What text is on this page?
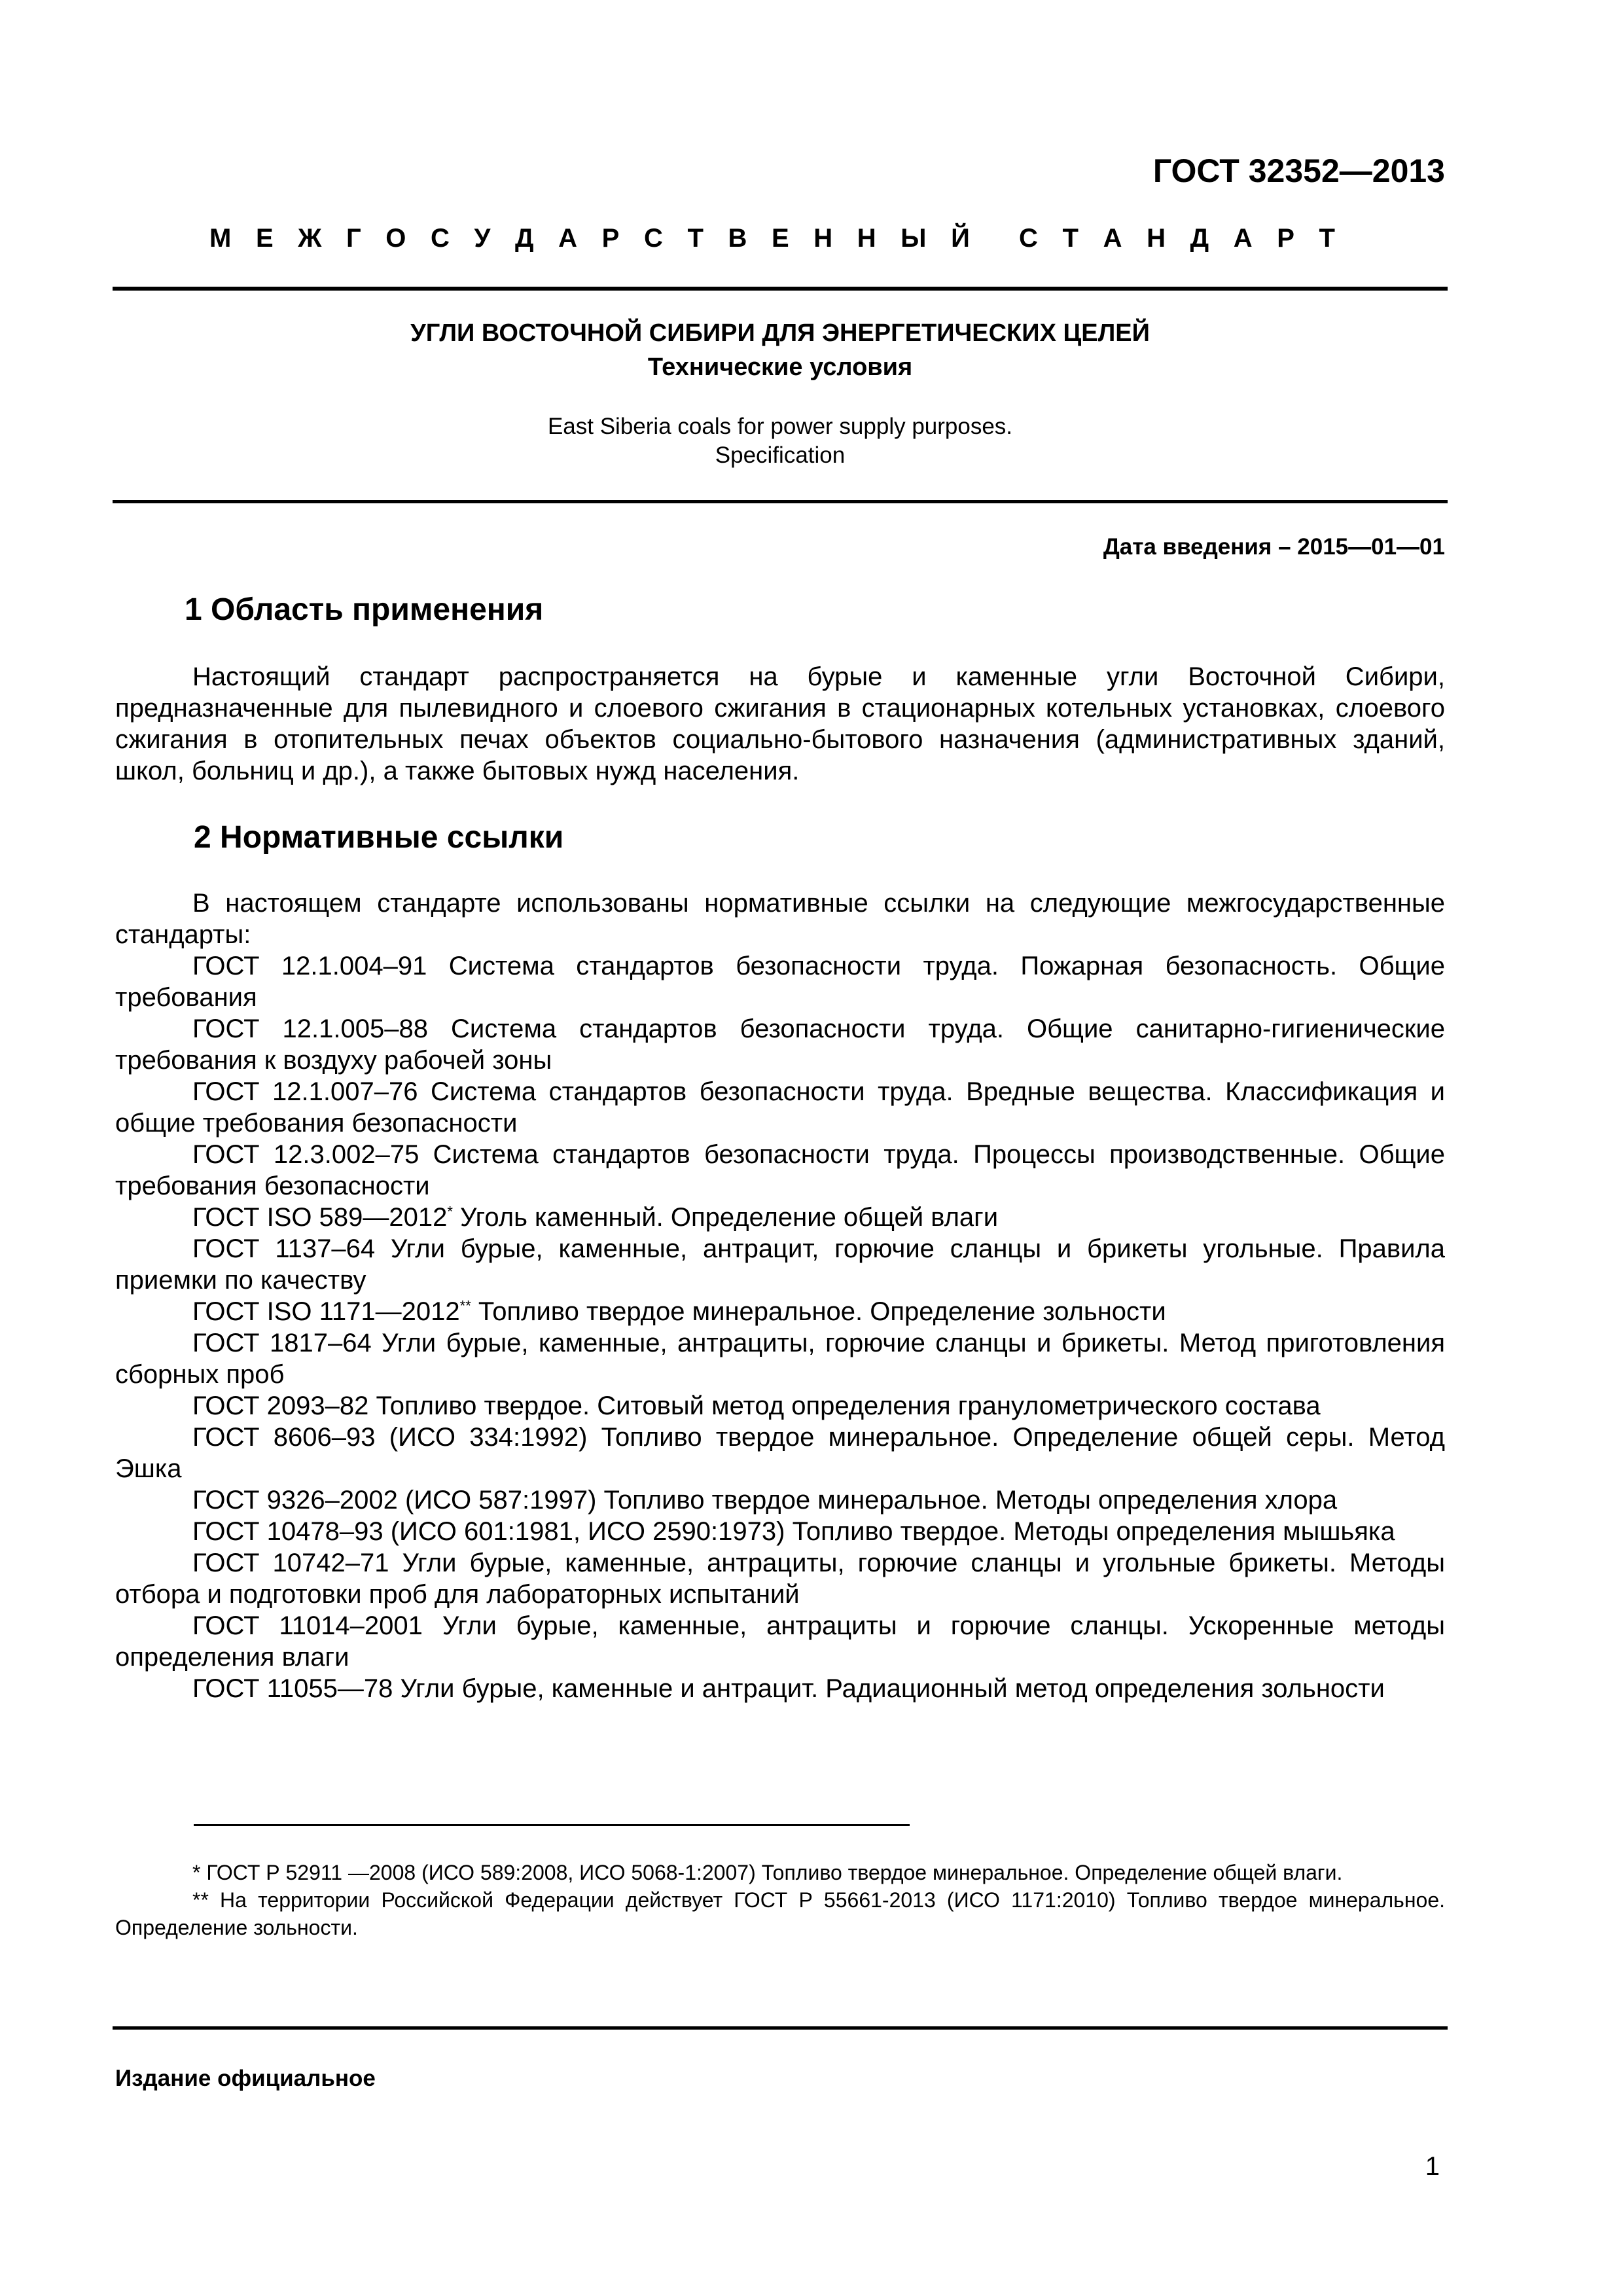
ГОСТ 32352—2013
М Е Ж Г О С У Д А Р С Т В Е Н Н Ы Й С Т А Н Д А Р Т
УГЛИ ВОСТОЧНОЙ СИБИРИ ДЛЯ ЭНЕРГЕТИЧЕСКИХ ЦЕЛЕЙ
Технические условия
East Siberia coals for power supply purposes.
Specification
Дата введения – 2015—01—01
1 Область применения

Настоящий стандарт распространяется на бурые и каменные угли Восточной Сибири, предназначенные для пылевидного и слоевого сжигания в стационарных котельных установках, слоевого сжигания в отопительных печах объектов социально-бытового назначения (административных зданий, школ, больниц и др.), а также бытовых нужд населения.

2 Нормативные ссылки

В настоящем стандарте использованы нормативные ссылки на следующие межгосударственные стандарты:

ГОСТ 12.1.004–91 Система стандартов безопасности труда. Пожарная безопасность. Общие требования

ГОСТ 12.1.005–88 Система стандартов безопасности труда. Общие санитарно-гигиенические требования к воздуху рабочей зоны

ГОСТ 12.1.007–76 Система стандартов безопасности труда. Вредные вещества. Классификация и общие требования безопасности

ГОСТ 12.3.002–75 Система стандартов безопасности труда. Процессы производственные. Общие требования безопасности

ГОСТ ISO 589—2012* Уголь каменный. Определение общей влаги

ГОСТ 1137–64 Угли бурые, каменные, антрацит, горючие сланцы и брикеты угольные. Правила приемки по качеству

ГОСТ ISO 1171—2012** Топливо твердое минеральное. Определение зольности

ГОСТ 1817–64 Угли бурые, каменные, антрациты, горючие сланцы и брикеты. Метод приготовления сборных проб

ГОСТ 2093–82 Топливо твердое. Ситовый метод определения гранулометрического состава

ГОСТ 8606–93 (ИСО 334:1992) Топливо твердое минеральное. Определение общей серы. Метод Эшка

ГОСТ 9326–2002 (ИСО 587:1997) Топливо твердое минеральное. Методы определения хлора

ГОСТ 10478–93 (ИСО 601:1981, ИСО 2590:1973) Топливо твердое. Методы определения мышьяка

ГОСТ 10742–71 Угли бурые, каменные, антрациты, горючие сланцы и угольные брикеты. Методы отбора и подготовки проб для лабораторных испытаний

ГОСТ 11014–2001 Угли бурые, каменные, антрациты и горючие сланцы. Ускоренные методы определения влаги

ГОСТ 11055—78 Угли бурые, каменные и антрацит. Радиационный метод определения зольности

* ГОСТ Р 52911 —2008 (ИСО 589:2008, ИСО 5068-1:2007) Топливо твердое минеральное. Определение общей влаги.

** На территории Российской Федерации действует ГОСТ Р 55661-2013 (ИСО 1171:2010) Топливо твердое минеральное. Определение зольности.

Издание официальное
1
